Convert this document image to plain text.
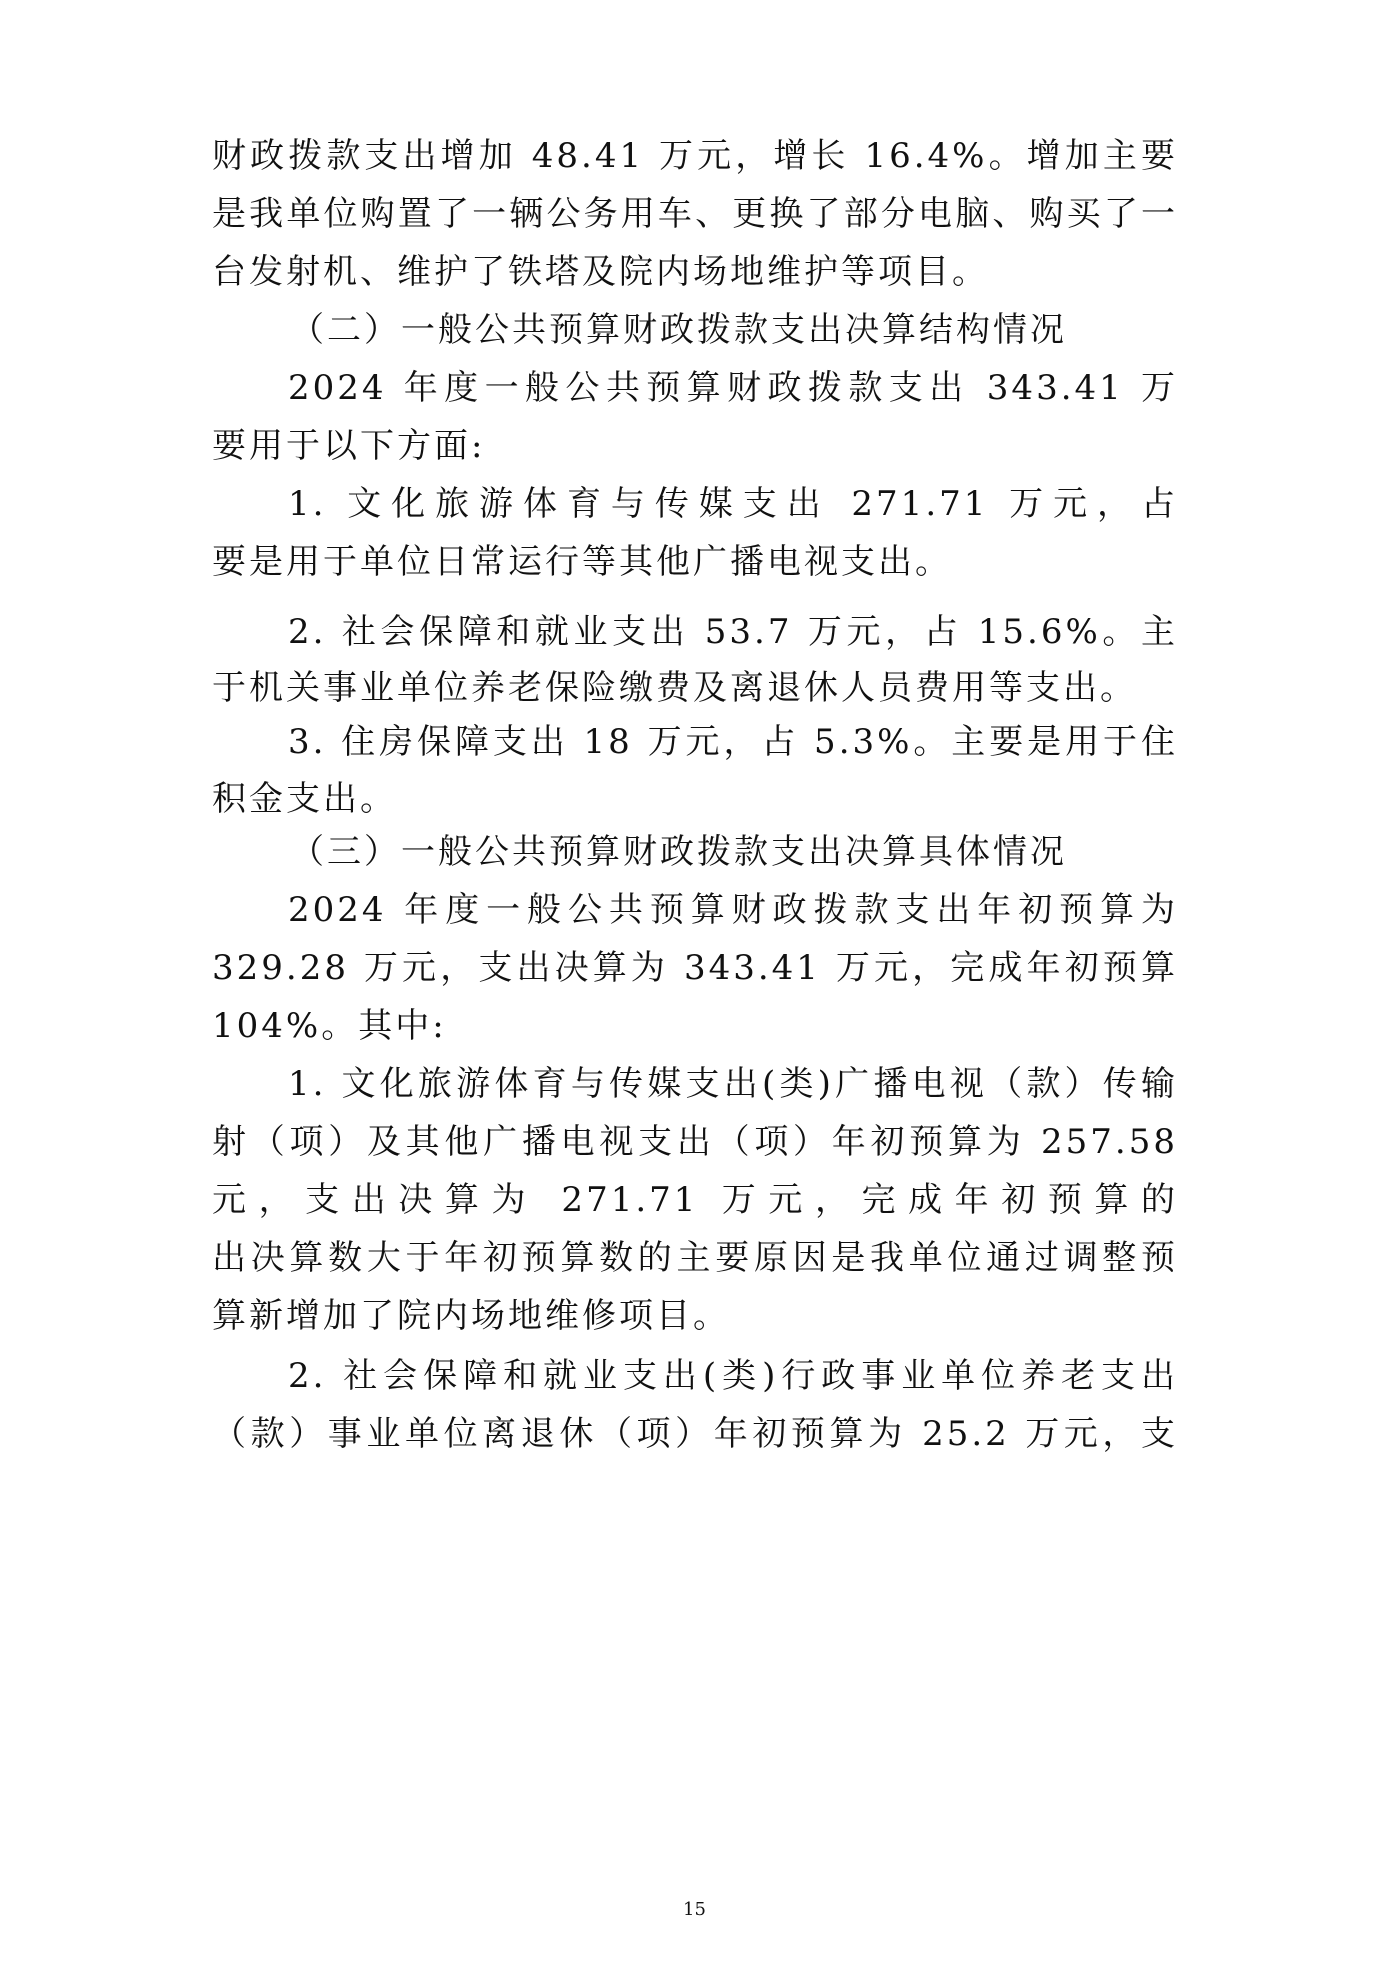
财政拨款支出增加 48.41 万元，增长 16.4%。增加主要
是我单位购置了一辆公务用车、更换了部分电脑、购买了一
台发射机、维护了铁塔及院内场地维护等项目。
（二）一般公共预算财政拨款支出决算结构情况
2024 年度一般公共预算财政拨款支出 343.41 万
要用于以下方面:
1. 文化旅游体育与传媒支出 271.71 万元，占
要是用于单位日常运行等其他广播电视支出。
2. 社会保障和就业支出 53.7 万元，占 15.6%。主
于机关事业单位养老保险缴费及离退休人员费用等支出。
3. 住房保障支出 18 万元，占 5.3%。主要是用于住
积金支出。
（三）一般公共预算财政拨款支出决算具体情况
2024 年度一般公共预算财政拨款支出年初预算为
329.28 万元，支出决算为 343.41 万元，完成年初预算
104%。其中:
1. 文化旅游体育与传媒支出(类)广播电视（款）传输
射（项）及其他广播电视支出（项）年初预算为 257.58
元，支出决算为 271.71 万元，完成年初预算的
出决算数大于年初预算数的主要原因是我单位通过调整预
算新增加了院内场地维修项目。
2. 社会保障和就业支出(类)行政事业单位养老支出
（款）事业单位离退休（项）年初预算为 25.2 万元，支
15
